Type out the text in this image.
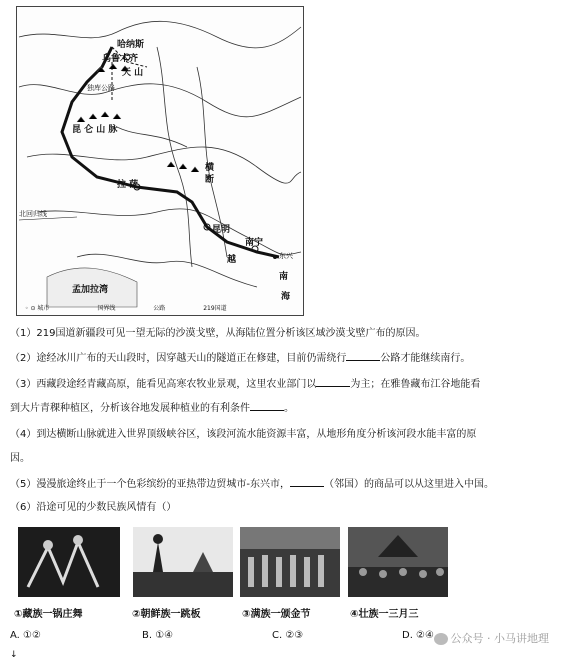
哈纳斯
乌鲁木齐
天 山
独库公路
昆 仑 山 脉
拉 萨
横 断
昆明
北回归线
南宁
东兴
越
南
孟加拉湾
海
◦ ⊙ 城市	国界线	公路	219国道
（1）219国道新疆段可见一望无际的沙漠戈壁，从海陆位置分析该区域沙漠戈壁广布的原因。
（2）途经冰川广布的天山段时，因穿越天山的隧道正在修建，目前仍需绕行	公路才能继续南行。
（3）西藏段途经青藏高原，能看见高寒农牧业景观，这里农业部门以	为主；在雅鲁藏布江谷地能看
到大片青稞种植区，分析该谷地发展种植业的有利条件	。
（4）到达横断山脉就进入世界顶级峡谷区，该段河流水能资源丰富，从地形角度分析该河段水能丰富的原
因。
（5）漫漫旅途终止于一个色彩缤纷的亚热带边贸城市-东兴市，	（邻国）的商品可以从这里进入中国。
（6）沿途可见的少数民族风情有（）
①藏族一锅庄舞	②朝鲜族一跳板	③满族一颁金节	④壮族一三月三
A. ①②	B. ①④	C. ②③	D. ②④	公众号 · 小马讲地理
↓
